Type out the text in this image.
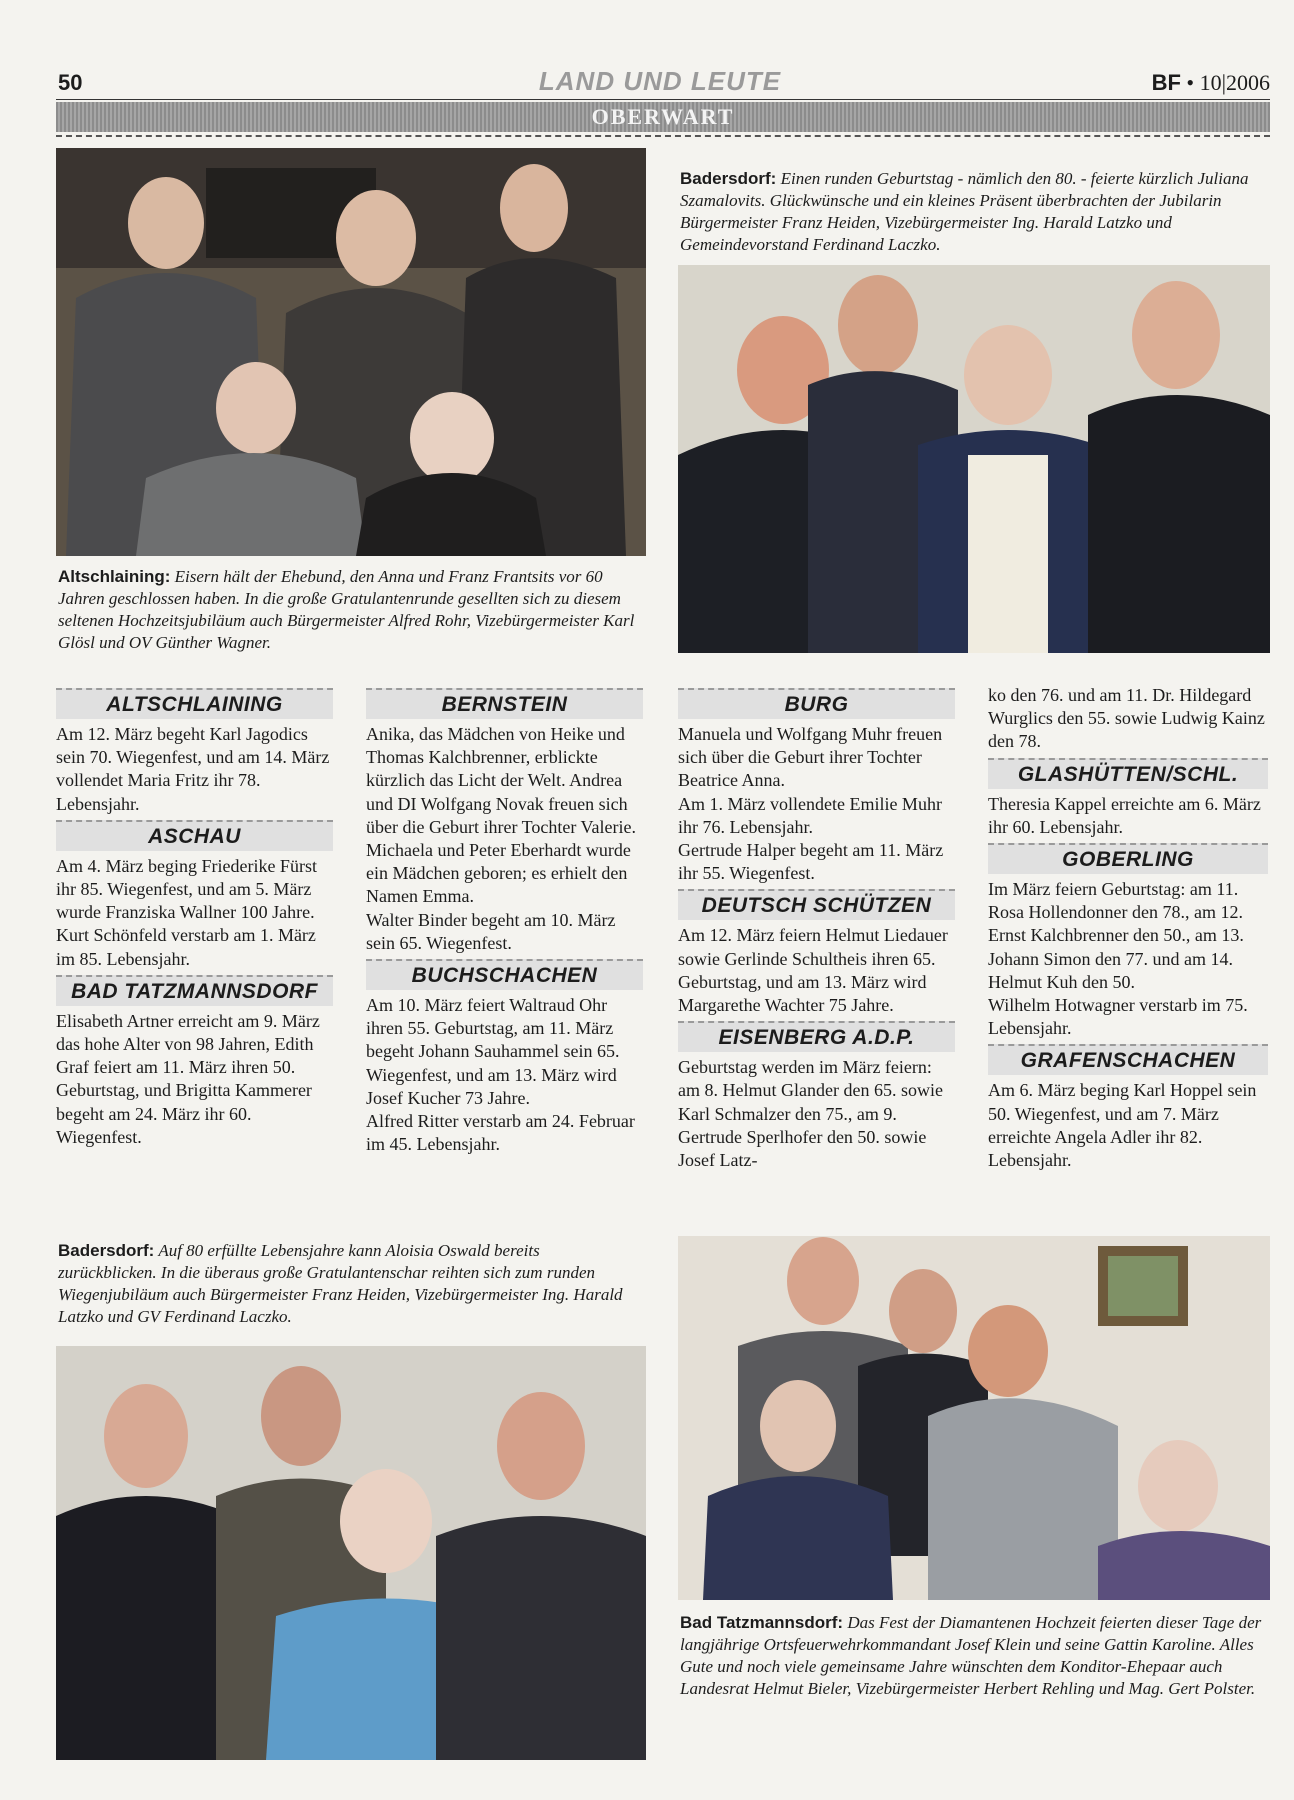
50	LAND UND LEUTE	BF • 10|2006
OBERWART
Badersdorf: Einen runden Geburtstag - nämlich den 80. - feierte kürzlich Juliana Szamalovits. Glückwünsche und ein kleines Präsent überbrachten der Jubilarin Bürgermeister Franz Heiden, Vizebürgermeister Ing. Harald Latzko und Gemeindevorstand Ferdinand Laczko.
Altschlaining: Eisern hält der Ehebund, den Anna und Franz Frantsits vor 60 Jahren geschlossen haben. In die große Gratulantenrunde gesellten sich zu diesem seltenen Hochzeitsjubiläum auch Bürgermeister Alfred Rohr, Vizebürgermeister Karl Glösl und OV Günther Wagner.
ALTSCHLAINING

Am 12. März begeht Karl Jagodics sein 70. Wiegenfest, und am 14. März vollendet Maria Fritz ihr 78. Lebensjahr.

ASCHAU

Am 4. März beging Friederike Fürst ihr 85. Wiegenfest, und am 5. März wurde Franziska Wallner 100 Jahre.

Kurt Schönfeld verstarb am 1. März im 85. Lebensjahr.

BAD TATZMANNSDORF

Elisabeth Artner erreicht am 9. März das hohe Alter von 98 Jahren, Edith Graf feiert am 11. März ihren 50. Geburtstag, und Brigitta Kammerer begeht am 24. März ihr 60. Wiegenfest.

BERNSTEIN

Anika, das Mädchen von Heike und Thomas Kalchbrenner, erblickte kürzlich das Licht der Welt. Andrea und DI Wolfgang Novak freuen sich über die Geburt ihrer Tochter Valerie. Michaela und Peter Eberhardt wurde ein Mädchen geboren; es erhielt den Namen Emma.

Walter Binder begeht am 10. März sein 65. Wiegenfest.

BUCHSCHACHEN

Am 10. März feiert Waltraud Ohr ihren 55. Geburtstag, am 11. März begeht Johann Sauhammel sein 65. Wiegenfest, und am 13. März wird Josef Kucher 73 Jahre.

Alfred Ritter verstarb am 24. Februar im 45. Lebensjahr.

BURG

Manuela und Wolfgang Muhr freuen sich über die Geburt ihrer Tochter Beatrice Anna.

Am 1. März vollendete Emilie Muhr ihr 76. Lebensjahr.

Gertrude Halper begeht am 11. März ihr 55. Wiegenfest.

DEUTSCH SCHÜTZEN

Am 12. März feiern Helmut Liedauer sowie Gerlinde Schultheis ihren 65. Geburtstag, und am 13. März wird Margarethe Wachter 75 Jahre.

EISENBERG A.D.P.

Geburtstag werden im März feiern: am 8. Helmut Glander den 65. sowie Karl Schmalzer den 75., am 9. Gertrude Sperlhofer den 50. sowie Josef Latz-

ko den 76. und am 11. Dr. Hildegard Wurglics den 55. sowie Ludwig Kainz den 78.

GLASHÜTTEN/SCHL.

Theresia Kappel erreichte am 6. März ihr 60. Lebensjahr.

GOBERLING

Im März feiern Geburtstag: am 11. Rosa Hollendonner den 78., am 12. Ernst Kalchbrenner den 50., am 13. Johann Simon den 77. und am 14. Helmut Kuh den 50.

Wilhelm Hotwagner verstarb im 75. Lebensjahr.

GRAFENSCHACHEN

Am 6. März beging Karl Hoppel sein 50. Wiegenfest, und am 7. März erreichte Angela Adler ihr 82. Lebensjahr.

Badersdorf: Auf 80 erfüllte Lebensjahre kann Aloisia Oswald bereits zurückblicken. In die überaus große Gratulantenschar reihten sich zum runden Wiegenjubiläum auch Bürgermeister Franz Heiden, Vizebürgermeister Ing. Harald Latzko und GV Ferdinand Laczko.
Bad Tatzmannsdorf: Das Fest der Diamantenen Hochzeit feierten dieser Tage der langjährige Ortsfeuerwehrkommandant Josef Klein und seine Gattin Karoline. Alles Gute und noch viele gemeinsame Jahre wünschten dem Konditor-Ehepaar auch Landesrat Helmut Bieler, Vizebürgermeister Herbert Rehling und Mag. Gert Polster.
